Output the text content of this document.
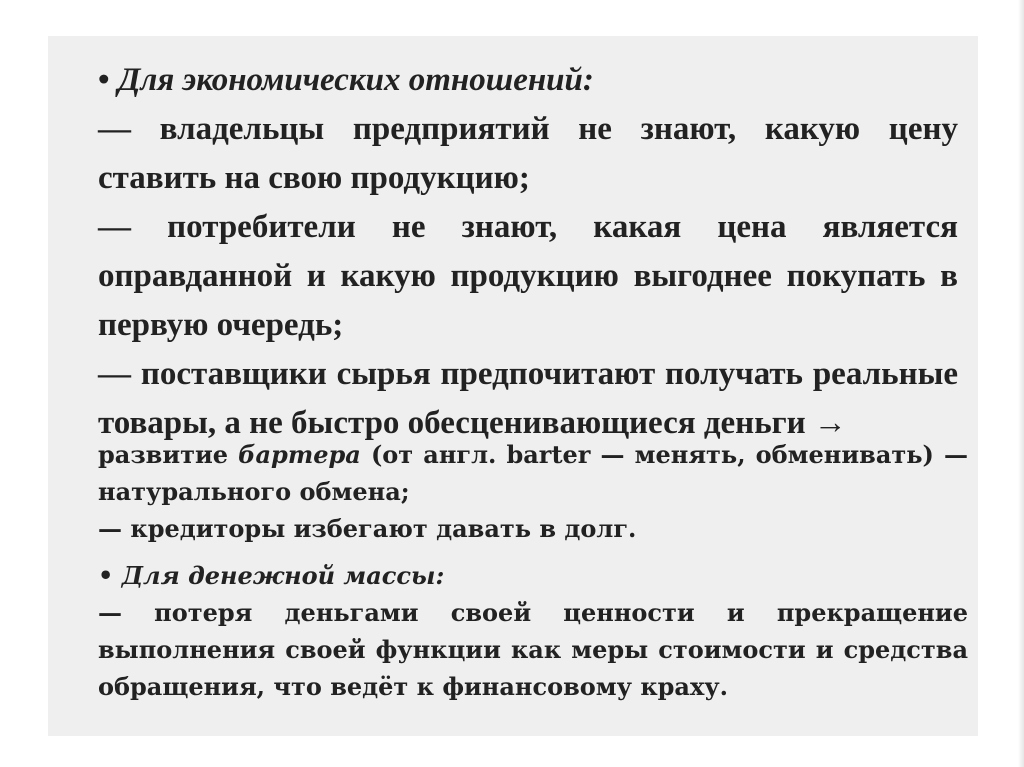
• Для экономических отношений:
— владельцы предприятий не знают, какую цену ставить на свою продукцию;
— потребители не знают, какая цена является оправданной и какую продукцию выгоднее покупать в первую очередь;
— поставщики сырья предпочитают получать реальные товары, а не быстро обесценивающиеся деньги →
развитие бартера (от англ. barter — менять, обменивать) — натурального обмена;
— кредиторы избегают давать в долг.
• Для денежной массы:
— потеря деньгами своей ценности и прекращение выполнения своей функции как меры стоимости и средства обращения, что ведёт к финансовому краху.
